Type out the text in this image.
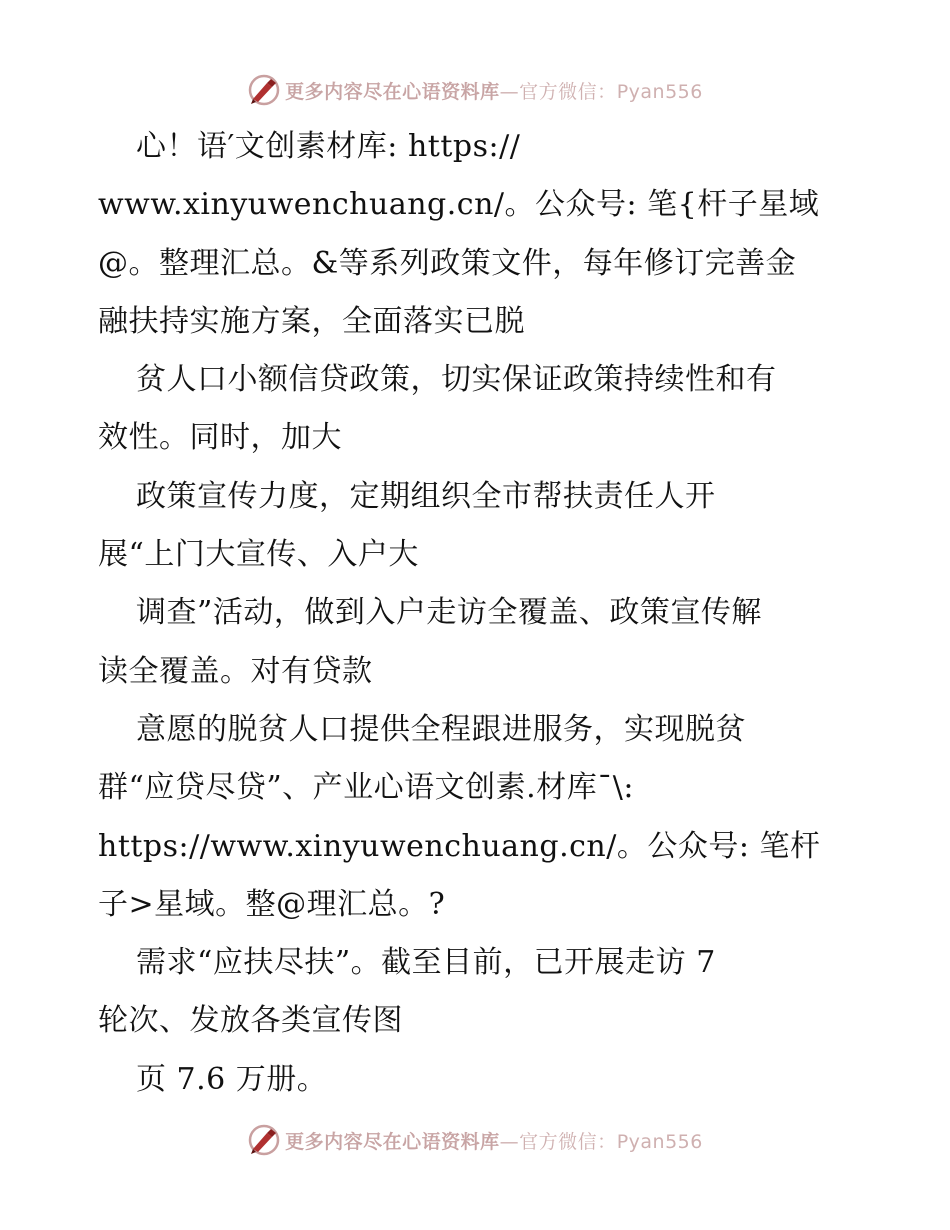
更多内容尽在心语资料库—官方微信：Pyan556
心！语′文创素材库: https://
www.xinyuwenchuang.cn/。公众号: 笔{杆子星域
@。整理汇总。&等系列政策文件，每年修订完善金
融扶持实施方案，全面落实已脱
贫人口小额信贷政策，切实保证政策持续性和有
效性。同时，加大
政策宣传力度，定期组织全市帮扶责任人开
展“上门大宣传、入户大
调查”活动，做到入户走访全覆盖、政策宣传解
读全覆盖。对有贷款
意愿的脱贫人口提供全程跟进服务，实现脱贫
群“应贷尽贷”、产业心语文创素.材库¯\:
https://www.xinyuwenchuang.cn/。公众号: 笔杆
子>星域。整@理汇总。?
需求“应扶尽扶”。截至目前，已开展走访 7
轮次、发放各类宣传图
页 7.6 万册。
更多内容尽在心语资料库—官方微信：Pyan556
